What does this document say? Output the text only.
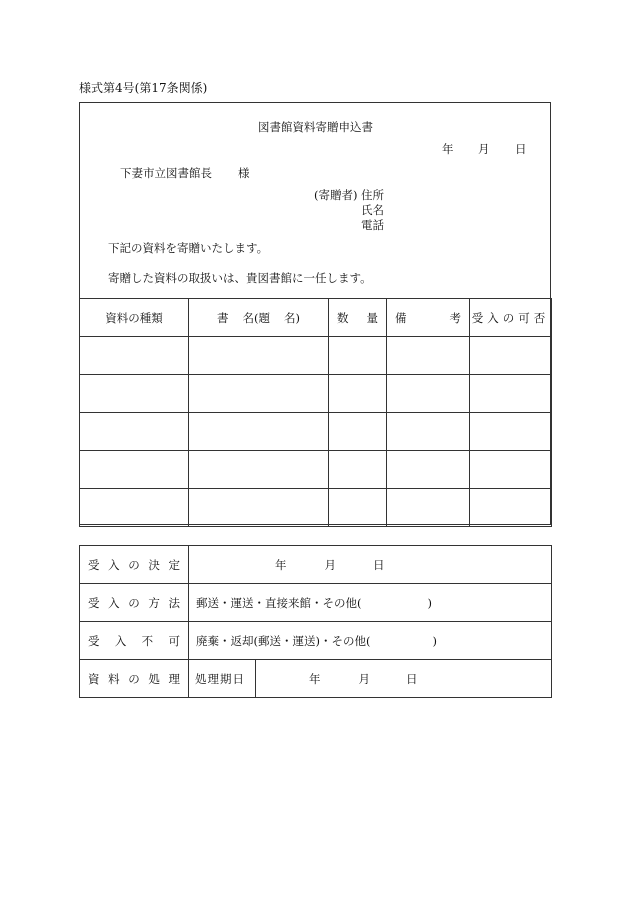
様式第4号(第17条関係)
図書館資料寄贈申込書
年 月 日
下妻市立図書館長 様
(寄贈者) 住所
氏名
電話
下記の資料を寄贈いたします。
寄贈した資料の取扱いは、貴図書館に一任します。
資料の種類	書 名(題 名)	数 量	備 考	受入の可否

受 入 の 決 定	年 月 日	

受 入 の 方 法	郵送・運送・直接来館・その他( )	

受 入 不 可	廃棄・返却(郵送・運送)・その他( )	

資 料 の 処 理	処理期日	年 月 日
